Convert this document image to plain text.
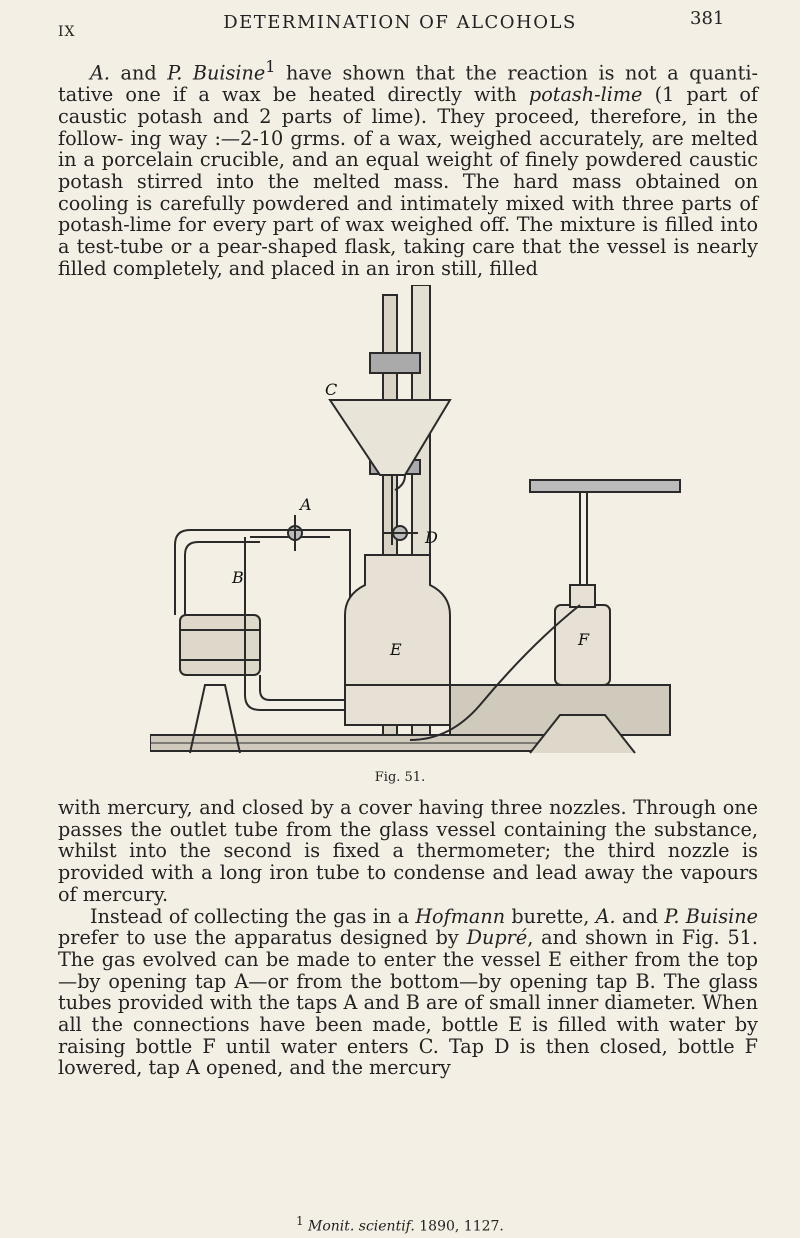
IX	DETERMINATION OF ALCOHOLS	381

A. and P. Buisine$^1$ have shown that the reaction is not a quanti- tative one if a wax be heated directly with potash-lime (1 part of caustic potash and 2 parts of lime). They proceed, therefore, in the follow- ing way :—2-10 grms. of a wax, weighed accurately, are melted in a porcelain crucible, and an equal weight of finely powdered caustic potash stirred into the melted mass. The hard mass obtained on cooling is carefully powdered and intimately mixed with three parts of potash-lime for every part of wax weighed off. The mixture is filled into a test-tube or a pear-shaped flask, taking care that the vessel is nearly filled completely, and placed in an iron still, filled

C
A
D
B
E
F
Fig. 51.

with mercury, and closed by a cover having three nozzles. Through one passes the outlet tube from the glass vessel containing the substance, whilst into the second is fixed a thermometer; the third nozzle is provided with a long iron tube to condense and lead away the vapours of mercury.

Instead of collecting the gas in a Hofmann burette, A. and P. Buisine prefer to use the apparatus designed by Dupré, and shown in Fig. 51. The gas evolved can be made to enter the vessel E either from the top—by opening tap A—or from the bottom—by opening tap B. The glass tubes provided with the taps A and B are of small inner diameter. When all the connections have been made, bottle E is filled with water by raising bottle F until water enters C. Tap D is then closed, bottle F lowered, tap A opened, and the mercury

$^1$ Monit. scientif. 1890, 1127.
